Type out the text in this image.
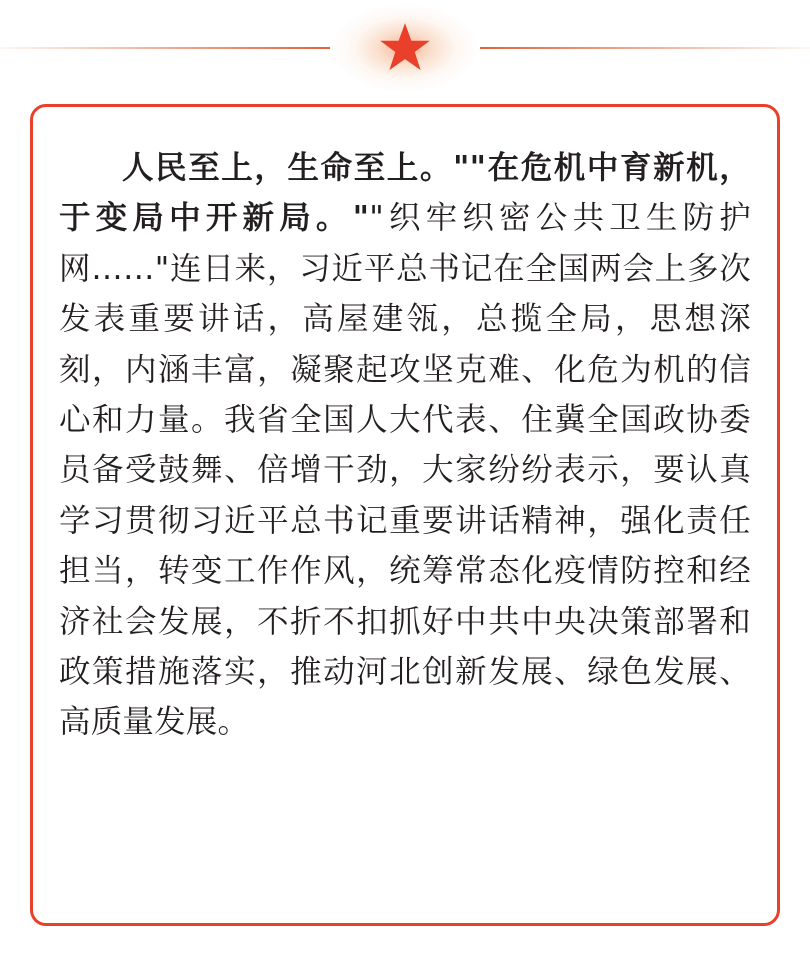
人民至上，生命至上。""在危机中育新机，于变局中开新局。""织牢织密公共卫生防护网……"连日来，习近平总书记在全国两会上多次发表重要讲话，高屋建瓴，总揽全局，思想深刻，内涵丰富，凝聚起攻坚克难、化危为机的信心和力量。我省全国人大代表、住冀全国政协委员备受鼓舞、倍增干劲，大家纷纷表示，要认真学习贯彻习近平总书记重要讲话精神，强化责任担当，转变工作作风，统筹常态化疫情防控和经济社会发展，不折不扣抓好中共中央决策部署和政策措施落实，推动河北创新发展、绿色发展、高质量发展。
